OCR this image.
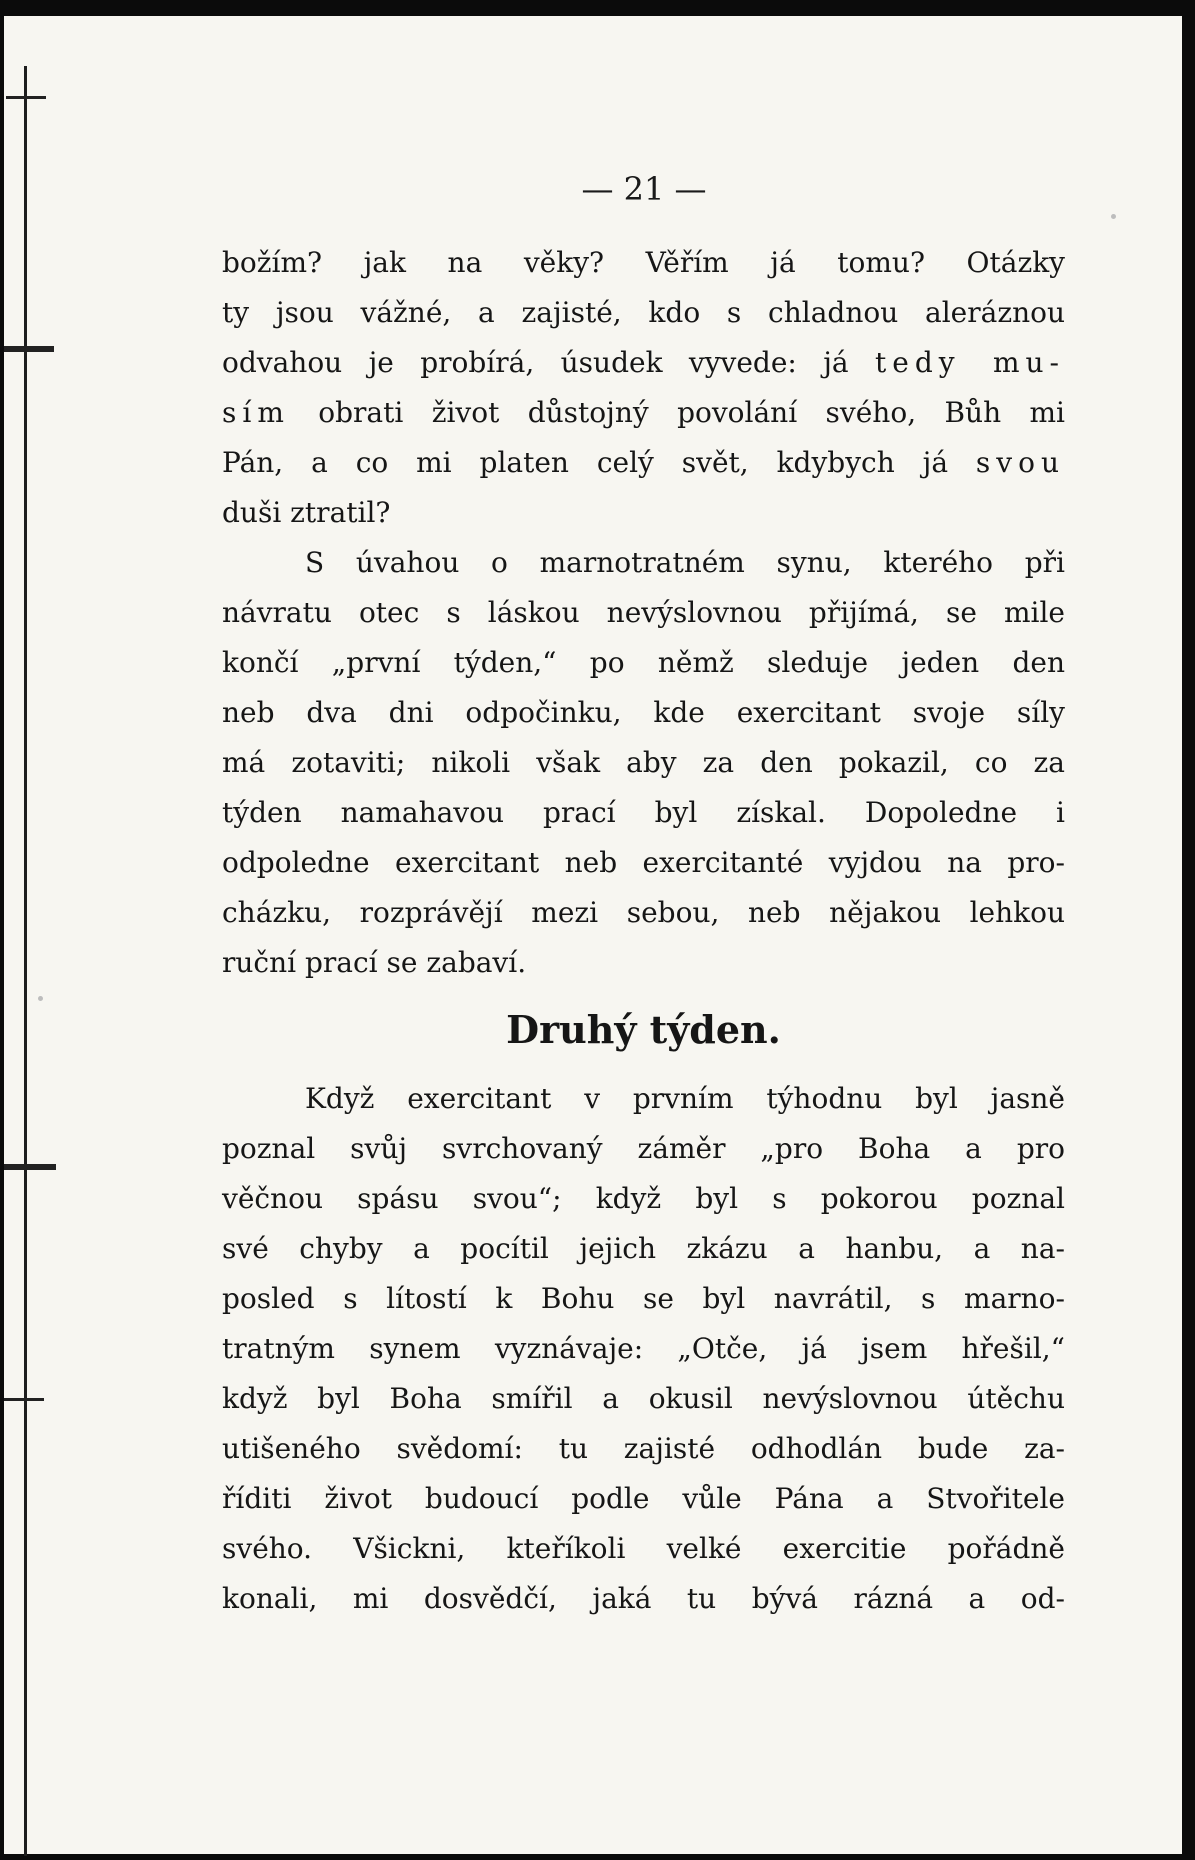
— 21 —
božím? jak na věky? Věřím já tomu? Otázky
ty jsou vážné, a zajisté, kdo s chladnou aleráznou
odvahou je probírá, úsudek vyvede: já tedy mu-
sím obrati život důstojný povolání svého, Bůh mi
Pán, a co mi platen celý svět, kdybych já svou
duši ztratil?
S úvahou o marnotratném synu, kterého při
návratu otec s láskou nevýslovnou přijímá, se mile
končí „první týden,“ po němž sleduje jeden den
neb dva dni odpočinku, kde exercitant svoje síly
má zotaviti; nikoli však aby za den pokazil, co za
týden namahavou prací byl získal. Dopoledne i
odpoledne exercitant neb exercitanté vyjdou na pro-
cházku, rozprávějí mezi sebou, neb nějakou lehkou
ruční prací se zabaví.
Druhý týden.
Když exercitant v prvním týhodnu byl jasně
poznal svůj svrchovaný záměr „pro Boha a pro
věčnou spásu svou“; když byl s pokorou poznal
své chyby a pocítil jejich zkázu a hanbu, a na-
posled s lítostí k Bohu se byl navrátil, s marno-
tratným synem vyznávaje: „Otče, já jsem hřešil,“
když byl Boha smířil a okusil nevýslovnou útěchu
utišeného svědomí: tu zajisté odhodlán bude za-
říditi život budoucí podle vůle Pána a Stvořitele
svého. Všickni, kteříkoli velké exercitie pořádně
konali, mi dosvědčí, jaká tu bývá rázná a od-
